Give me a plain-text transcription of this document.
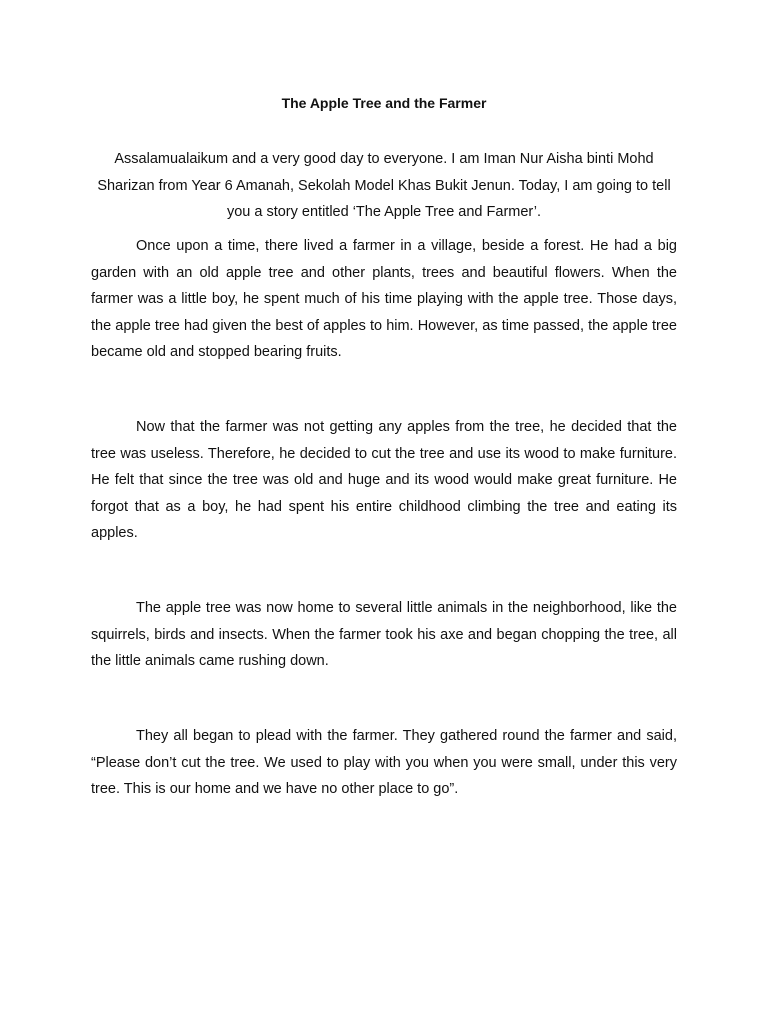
The Apple Tree and the Farmer

Assalamualaikum and a very good day to everyone. I am Iman Nur Aisha binti Mohd Sharizan from Year 6 Amanah, Sekolah Model Khas Bukit Jenun. Today, I am going to tell you a story entitled ‘The Apple Tree and Farmer’.

Once upon a time, there lived a farmer in a village, beside a forest. He had a big garden with an old apple tree and other plants, trees and beautiful flowers. When the farmer was a little boy, he spent much of his time playing with the apple tree. Those days, the apple tree had given the best of apples to him. However, as time passed, the apple tree became old and stopped bearing fruits.

Now that the farmer was not getting any apples from the tree, he decided that the tree was useless. Therefore, he decided to cut the tree and use its wood to make furniture. He felt that since the tree was old and huge and its wood would make great furniture. He forgot that as a boy, he had spent his entire childhood climbing the tree and eating its apples.

The apple tree was now home to several little animals in the neighborhood, like the squirrels, birds and insects. When the farmer took his axe and began chopping the tree, all the little animals came rushing down.

They all began to plead with the farmer. They gathered round the farmer and said, “Please don’t cut the tree. We used to play with you when you were small, under this very tree. This is our home and we have no other place to go”.
